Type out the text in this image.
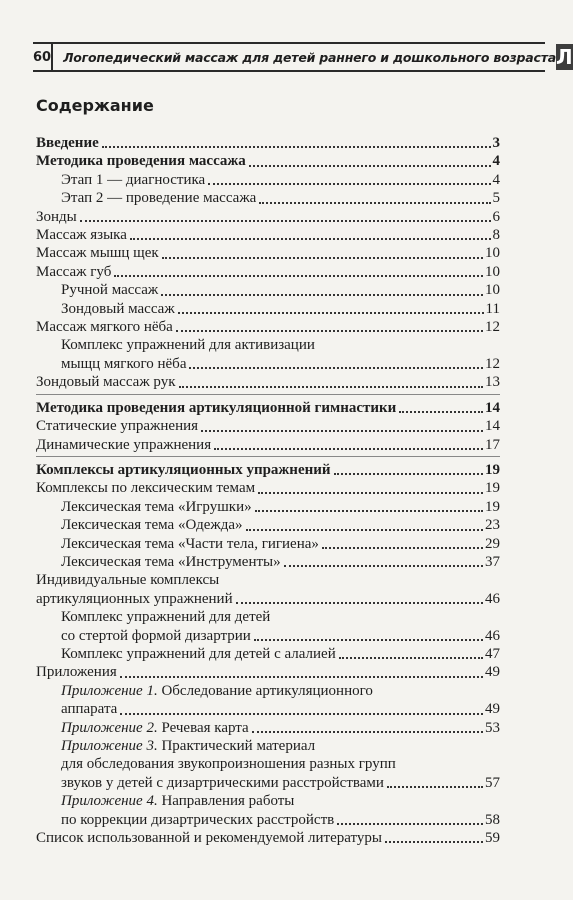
60 Логопедический массаж для детей раннего и дошкольного возраста Л
Содержание
Введение	3
Методика проведения массажа	4
Этап 1 — диагностика	4
Этап 2 — проведение массажа	5
Зонды	6
Массаж языка	8
Массаж мышц щек	10
Массаж губ	10
Ручной массаж	10
Зондовый массаж	11
Массаж мягкого нёба	12
Комплекс упражнений для активизации
мыщц мягкого нёба	12
Зондовый массаж рук	13
Методика проведения артикуляционной гимнастики	14
Статические упражнения	14
Динамические упражнения	17
Комплексы артикуляционных упражнений	19
Комплексы по лексическим темам	19
Лексическая тема «Игрушки»	19
Лексическая тема «Одежда»	23
Лексическая тема «Части тела, гигиена»	29
Лексическая тема «Инструменты»	37
Индивидуальные комплексы
артикуляционных упражнений	46
Комплекс упражнений для детей
со стертой формой дизартрии	46
Комплекс упражнений для детей с алалией	47
Приложения	49
Приложение 1. Обследование артикуляционного
аппарата	49
Приложение 2. Речевая карта	53
Приложение 3. Практический материал
для обследования звукопроизношения разных групп
звуков у детей с дизартрическими расстройствами	57
Приложение 4. Направления работы
по коррекции дизартрических расстройств	58
Список использованной и рекомендуемой литературы	59
